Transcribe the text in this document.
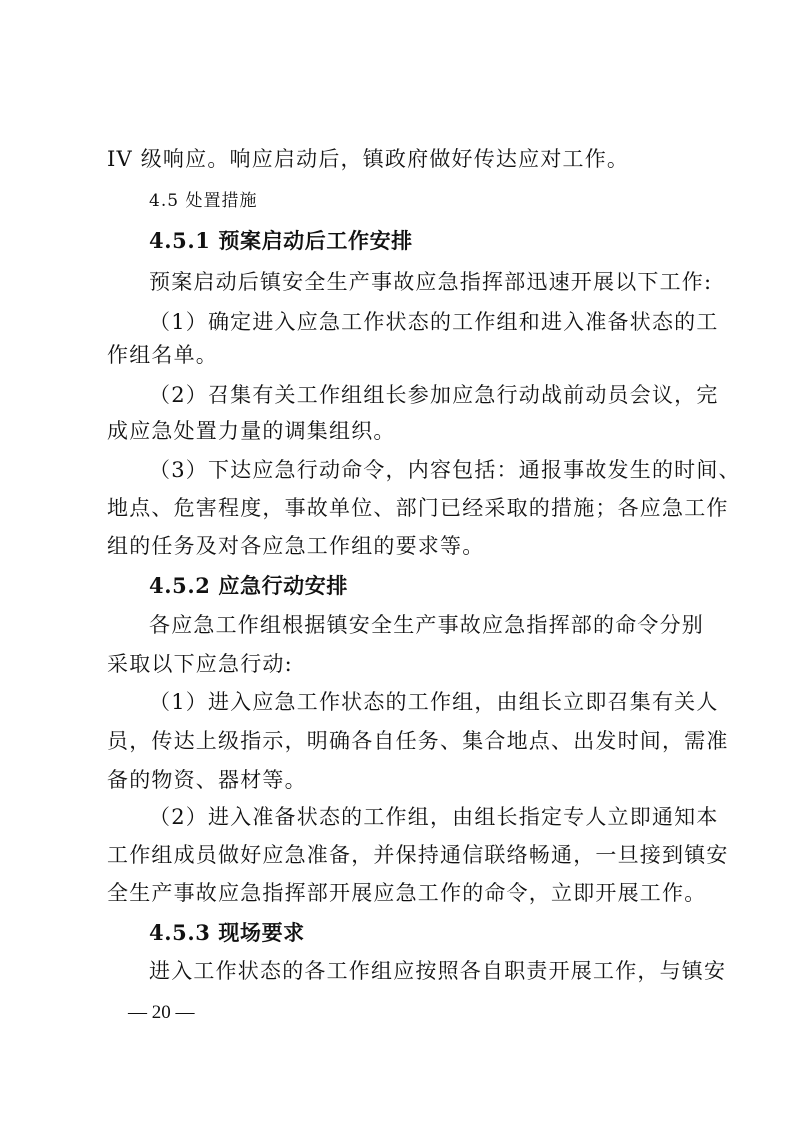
IV 级响应。响应启动后，镇政府做好传达应对工作。
4.5 处置措施
4.5.1 预案启动后工作安排
预案启动后镇安全生产事故应急指挥部迅速开展以下工作:
（1）确定进入应急工作状态的工作组和进入准备状态的工
作组名单。
（2）召集有关工作组组长参加应急行动战前动员会议，完
成应急处置力量的调集组织。
（3）下达应急行动命令，内容包括：通报事故发生的时间、
地点、危害程度，事故单位、部门已经采取的措施；各应急工作
组的任务及对各应急工作组的要求等。
4.5.2 应急行动安排
各应急工作组根据镇安全生产事故应急指挥部的命令分别
采取以下应急行动:
（1）进入应急工作状态的工作组，由组长立即召集有关人
员，传达上级指示，明确各自任务、集合地点、出发时间，需准
备的物资、器材等。
（2）进入准备状态的工作组，由组长指定专人立即通知本
工作组成员做好应急准备，并保持通信联络畅通，一旦接到镇安
全生产事故应急指挥部开展应急工作的命令，立即开展工作。
4.5.3 现场要求
进入工作状态的各工作组应按照各自职责开展工作，与镇安
— 20 —
